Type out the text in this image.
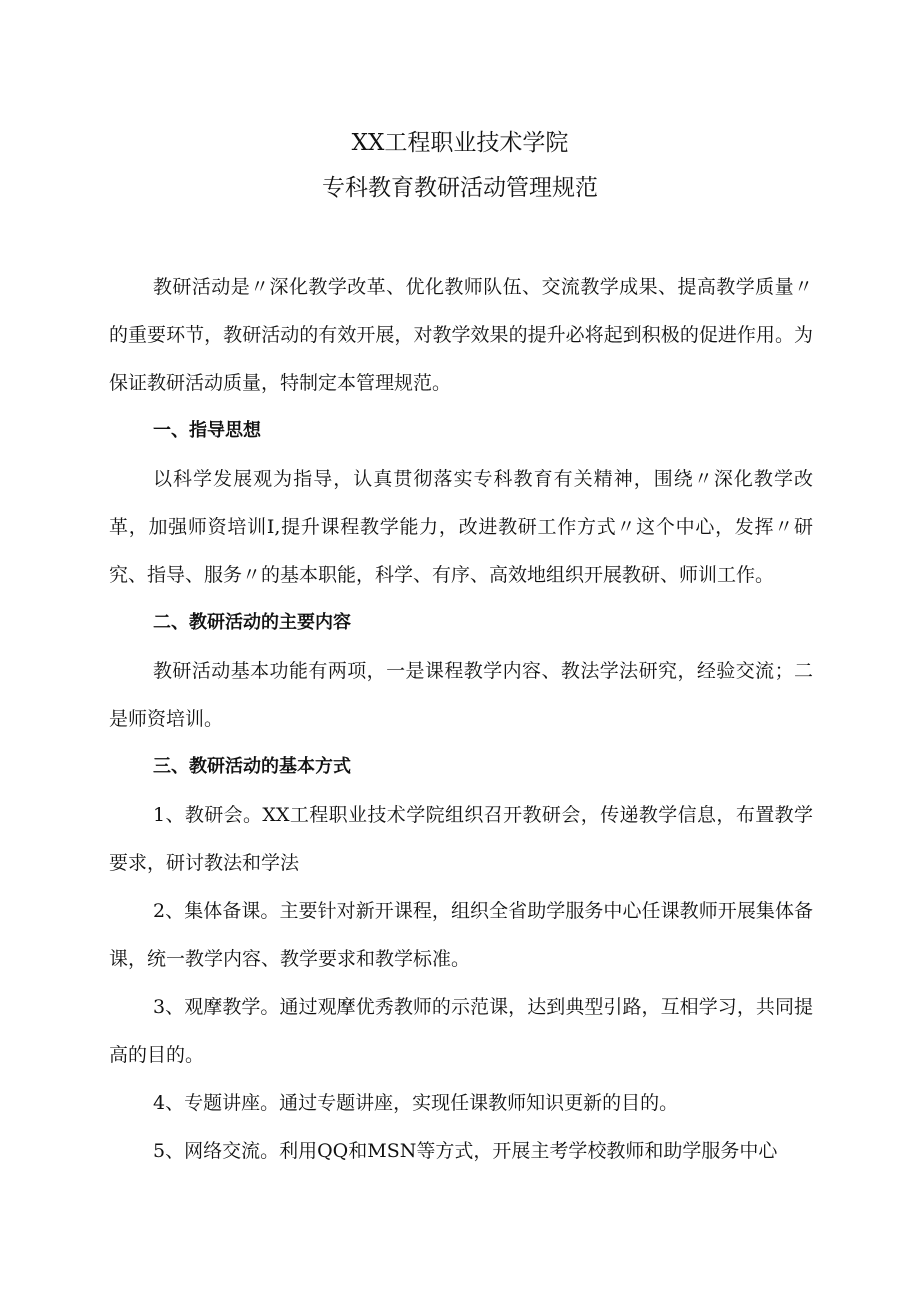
XX工程职业技术学院
专科教育教研活动管理规范

教研活动是〃深化教学改革、优化教师队伍、交流教学成果、提高教学质量〃的重要环节，教研活动的有效开展，对教学效果的提升必将起到积极的促进作用。为保证教研活动质量，特制定本管理规范。

一、指导思想

以科学发展观为指导，认真贯彻落实专科教育有关精神，围绕〃深化教学改革，加强师资培训I,提升课程教学能力，改进教研工作方式〃这个中心，发挥〃研究、指导、服务〃的基本职能，科学、有序、高效地组织开展教研、师训工作。

二、教研活动的主要内容

教研活动基本功能有两项，一是课程教学内容、教法学法研究，经验交流；二是师资培训。

三、教研活动的基本方式

1、教研会。XX工程职业技术学院组织召开教研会，传递教学信息，布置教学要求，研讨教法和学法

2、集体备课。主要针对新开课程，组织全省助学服务中心任课教师开展集体备课，统一教学内容、教学要求和教学标准。

3、观摩教学。通过观摩优秀教师的示范课，达到典型引路，互相学习，共同提高的目的。

4、专题讲座。通过专题讲座，实现任课教师知识更新的目的。

5、网络交流。利用QQ和MSN等方式，开展主考学校教师和助学服务中心
